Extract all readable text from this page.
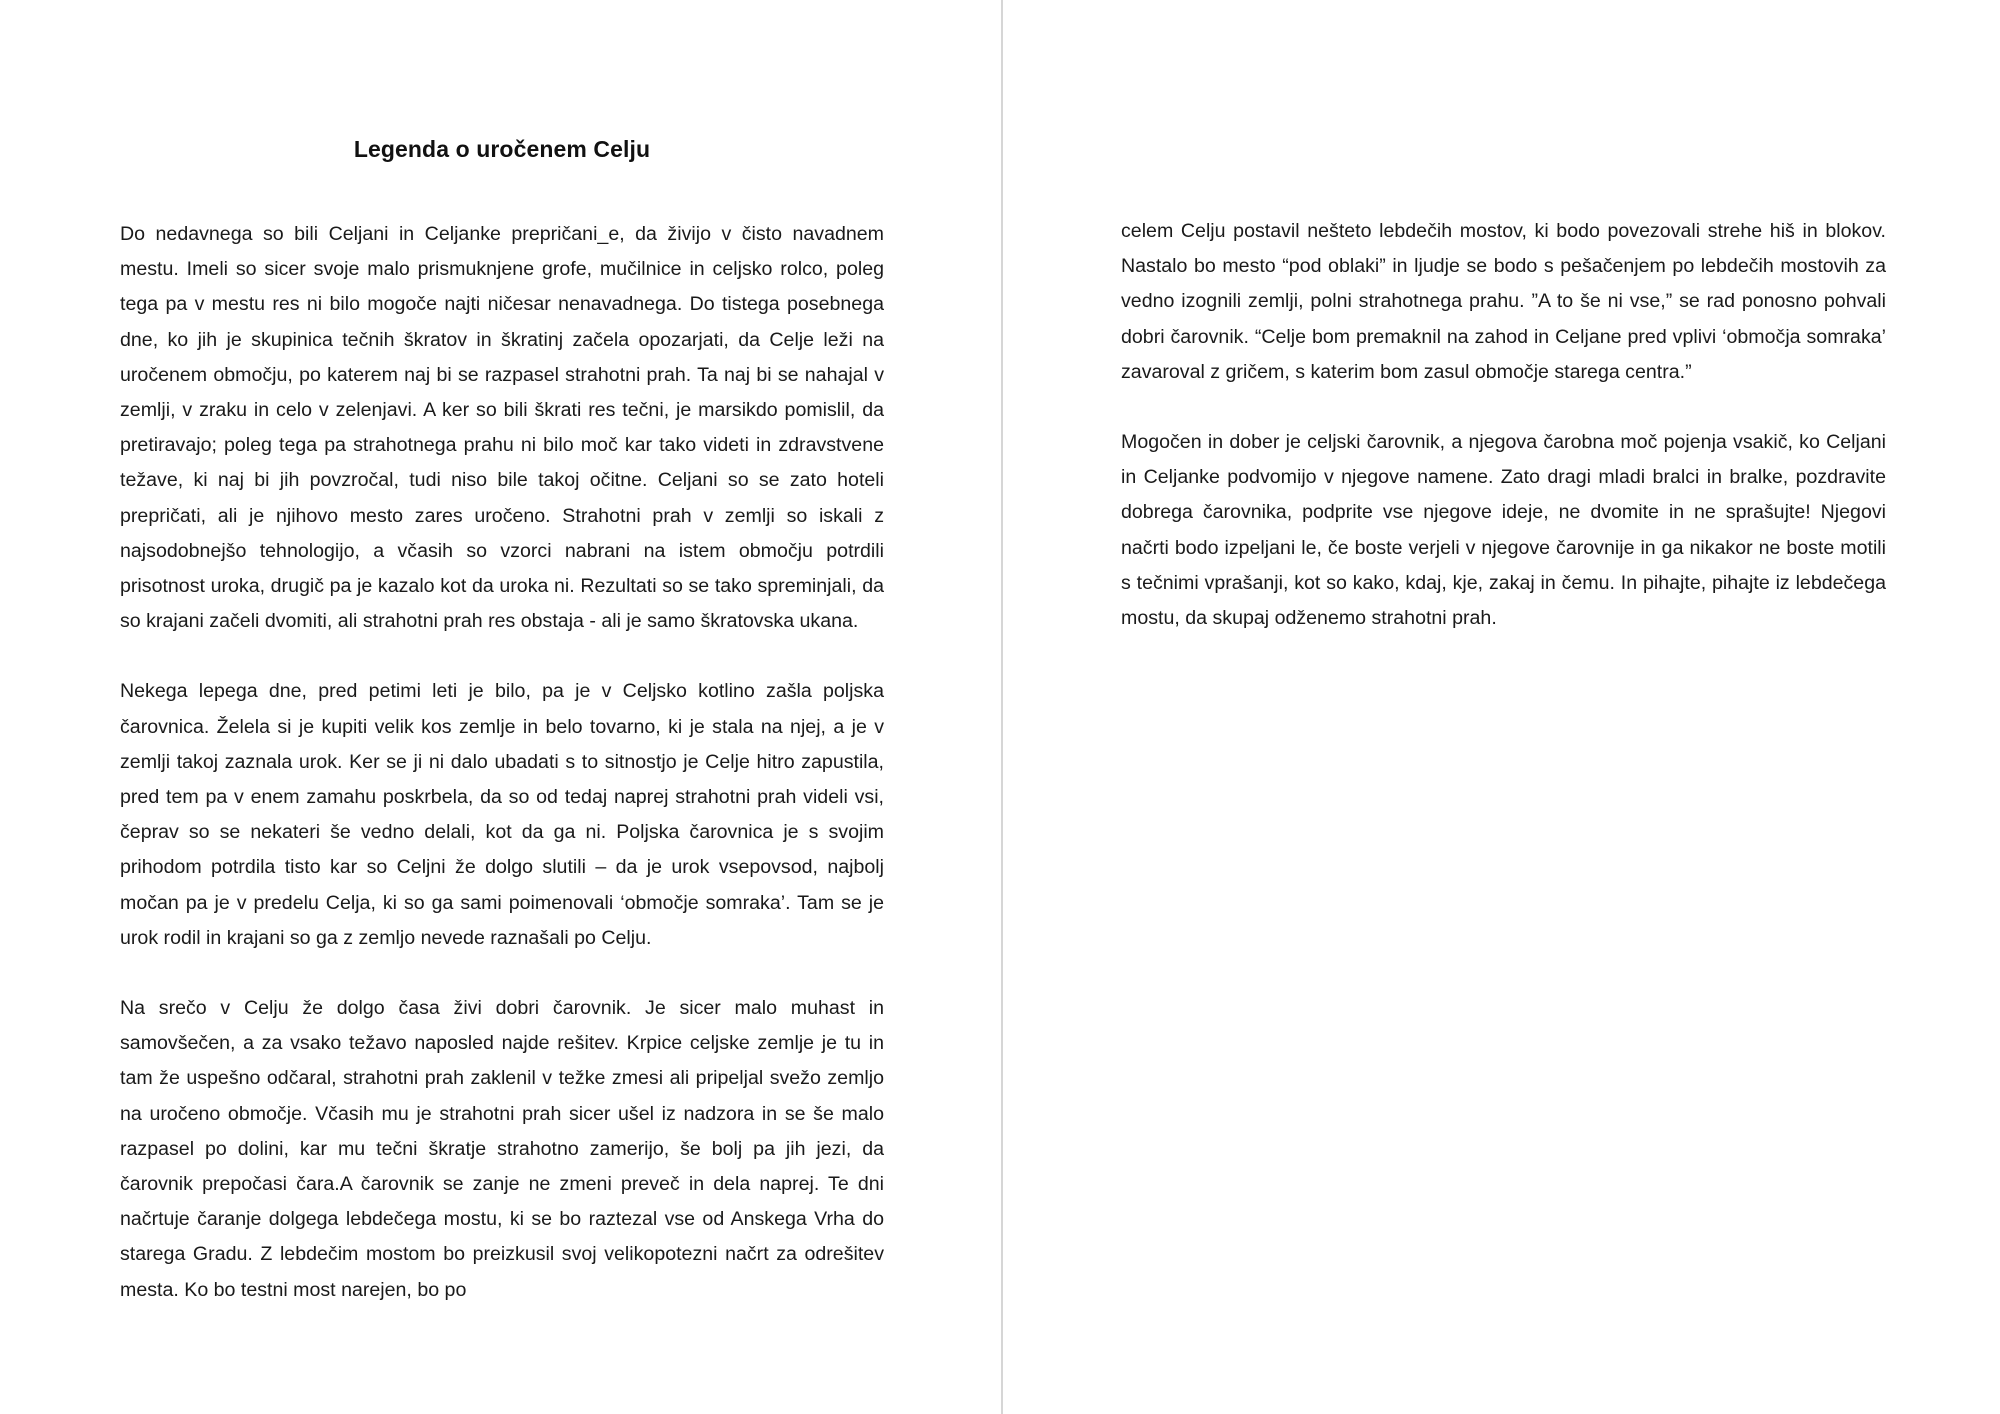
Legenda o uročenem Celju

Do nedavnega so bili Celjani in Celjanke prepričani_e, da živijo v čisto navadnem mestu. Imeli so sicer svoje malo prismuknjene grofe, mučilnice in celjsko rolco, poleg tega pa v mestu res ni bilo mogoče najti ničesar nenavadnega. Do tistega posebnega dne, ko jih je skupinica tečnih škratov in škratinj začela opozarjati, da Celje leži na uročenem območju, po katerem naj bi se razpasel strahotni prah. Ta naj bi se nahajal v zemlji, v zraku in celo v zelenjavi. A ker so bili škrati res tečni, je marsikdo pomislil, da pretiravajo; poleg tega pa strahotnega prahu ni bilo moč kar tako videti in zdravstvene težave, ki naj bi jih povzročal, tudi niso bile takoj očitne. Celjani so se zato hoteli prepričati, ali je njihovo mesto zares uročeno. Strahotni prah v zemlji so iskali z najsodobnejšo tehnologijo, a včasih so vzorci nabrani na istem območju potrdili prisotnost uroka, drugič pa je kazalo kot da uroka ni. Rezultati so se tako spreminjali, da so krajani začeli dvomiti, ali strahotni prah res obstaja - ali je samo škratovska ukana.

Nekega lepega dne, pred petimi leti je bilo, pa je v Celjsko kotlino zašla poljska čarovnica. Želela si je kupiti velik kos zemlje in belo tovarno, ki je stala na njej, a je v zemlji takoj zaznala urok. Ker se ji ni dalo ubadati s to sitnostjo je Celje hitro zapustila, pred tem pa v enem zamahu poskrbela, da so od tedaj naprej strahotni prah videli vsi, čeprav so se nekateri še vedno delali, kot da ga ni. Poljska čarovnica je s svojim prihodom potrdila tisto kar so Celjni že dolgo slutili – da je urok vsepovsod, najbolj močan pa je v predelu Celja, ki so ga sami poimenovali ‘območje somraka’. Tam se je urok rodil in krajani so ga z zemljo nevede raznašali po Celju.

Na srečo v Celju že dolgo časa živi dobri čarovnik. Je sicer malo muhast in samovšečen, a za vsako težavo naposled najde rešitev. Krpice celjske zemlje je tu in tam že uspešno odčaral, strahotni prah zaklenil v težke zmesi ali pripeljal svežo zemljo na uročeno območje. Včasih mu je strahotni prah sicer ušel iz nadzora in se še malo razpasel po dolini, kar mu tečni škratje strahotno zamerijo, še bolj pa jih jezi, da čarovnik prepočasi čara.A čarovnik se zanje ne zmeni preveč in dela naprej. Te dni načrtuje čaranje dolgega lebdečega mostu, ki se bo raztezal vse od Anskega Vrha do starega Gradu. Z lebdečim mostom bo preizkusil svoj velikopotezni načrt za odrešitev mesta. Ko bo testni most narejen, bo po

celem Celju postavil nešteto lebdečih mostov, ki bodo povezovali strehe hiš in blokov. Nastalo bo mesto “pod oblaki” in ljudje se bodo s pešačenjem po lebdečih mostovih za vedno izognili zemlji, polni strahotnega prahu. ”A to še ni vse,” se rad ponosno pohvali dobri čarovnik. “Celje bom premaknil na zahod in Celjane pred vplivi ‘območja somraka’ zavaroval z gričem, s katerim bom zasul območje starega centra.”

Mogočen in dober je celjski čarovnik, a njegova čarobna moč pojenja vsakič, ko Celjani in Celjanke podvomijo v njegove namene. Zato dragi mladi bralci in bralke, pozdravite dobrega čarovnika, podprite vse njegove ideje, ne dvomite in ne sprašujte! Njegovi načrti bodo izpeljani le, če boste verjeli v njegove čarovnije in ga nikakor ne boste motili s tečnimi vprašanji, kot so kako, kdaj, kje, zakaj in čemu. In pihajte, pihajte iz lebdečega mostu, da skupaj odženemo strahotni prah.
